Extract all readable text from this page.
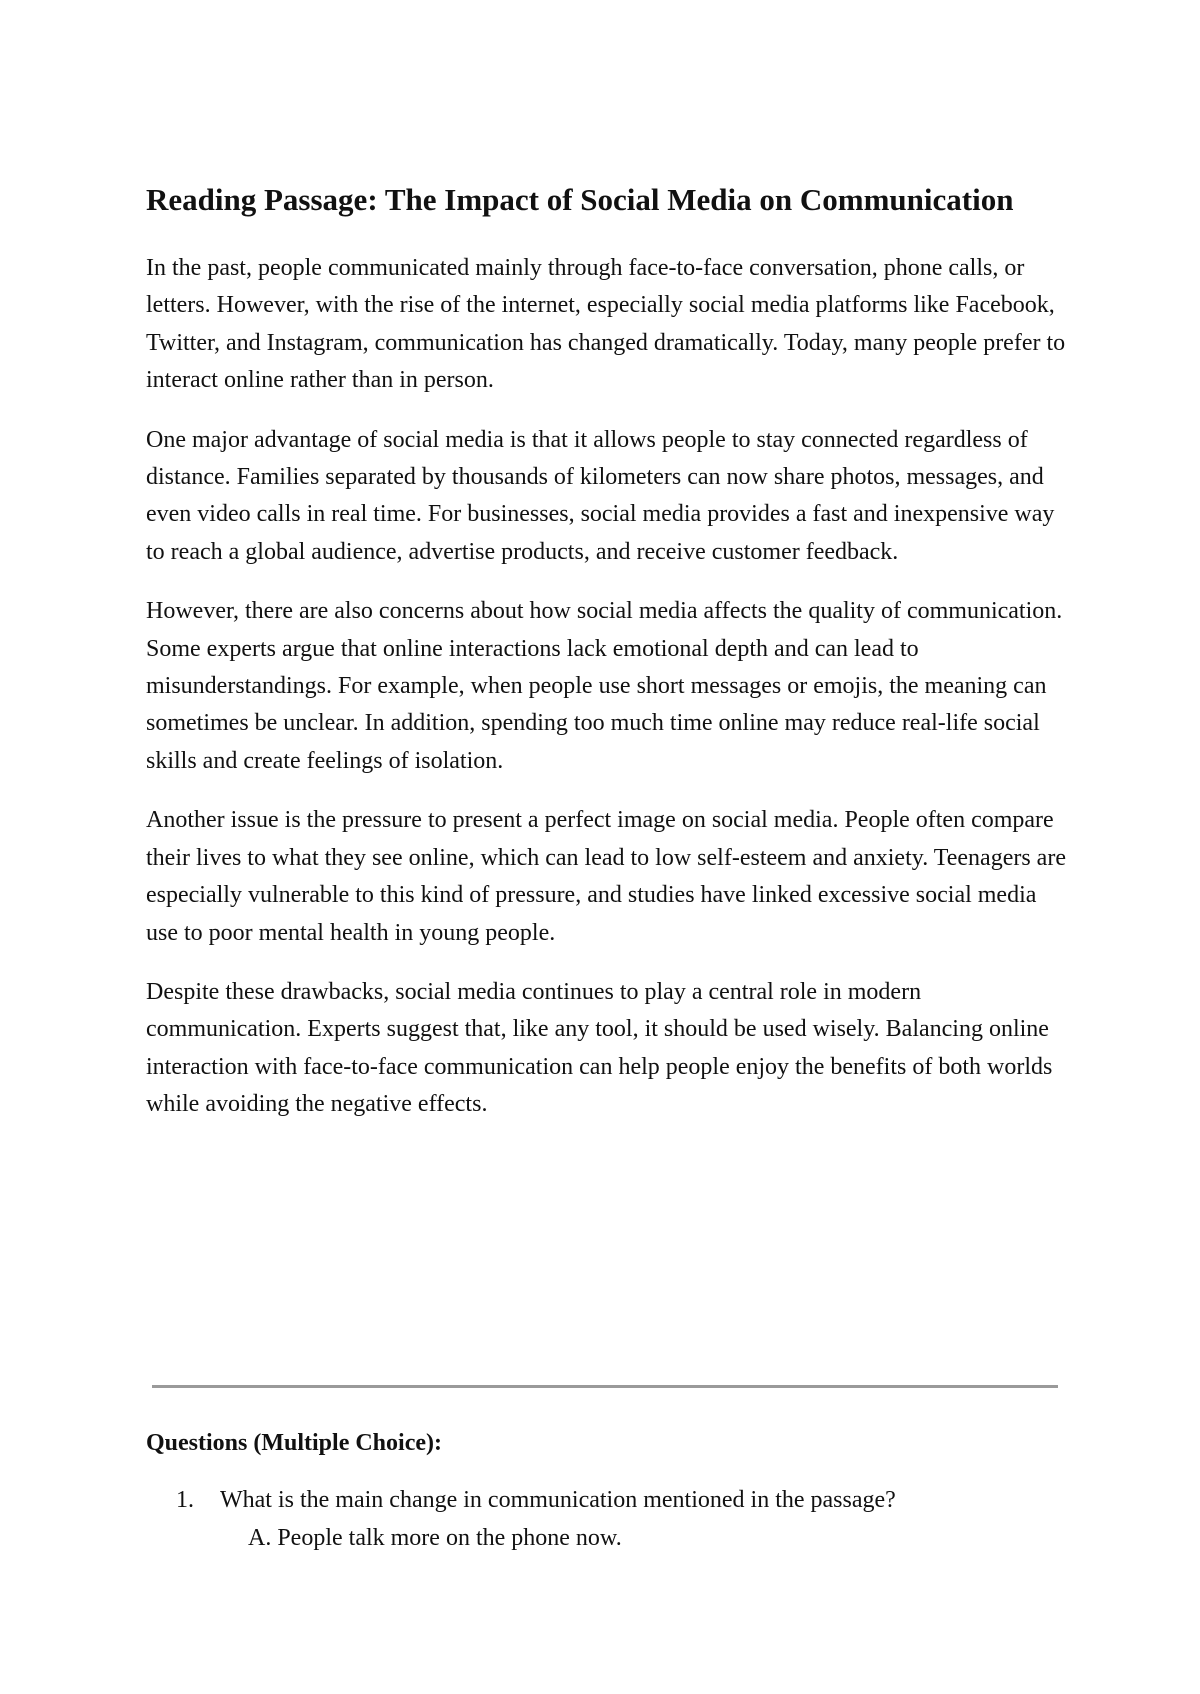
Reading Passage: The Impact of Social Media on Communication

In the past, people communicated mainly through face-to-face conversation, phone calls, or letters. However, with the rise of the internet, especially social media platforms like Facebook, Twitter, and Instagram, communication has changed dramatically. Today, many people prefer to interact online rather than in person.

One major advantage of social media is that it allows people to stay connected regardless of distance. Families separated by thousands of kilometers can now share photos, messages, and even video calls in real time. For businesses, social media provides a fast and inexpensive way to reach a global audience, advertise products, and receive customer feedback.

However, there are also concerns about how social media affects the quality of communication. Some experts argue that online interactions lack emotional depth and can lead to misunderstandings. For example, when people use short messages or emojis, the meaning can sometimes be unclear. In addition, spending too much time online may reduce real-life social skills and create feelings of isolation.

Another issue is the pressure to present a perfect image on social media. People often compare their lives to what they see online, which can lead to low self-esteem and anxiety. Teenagers are especially vulnerable to this kind of pressure, and studies have linked excessive social media use to poor mental health in young people.

Despite these drawbacks, social media continues to play a central role in modern communication. Experts suggest that, like any tool, it should be used wisely. Balancing online interaction with face-to-face communication can help people enjoy the benefits of both worlds while avoiding the negative effects.

Questions (Multiple Choice):
1.	What is the main change in communication mentioned in the passage?
A. People talk more on the phone now.
